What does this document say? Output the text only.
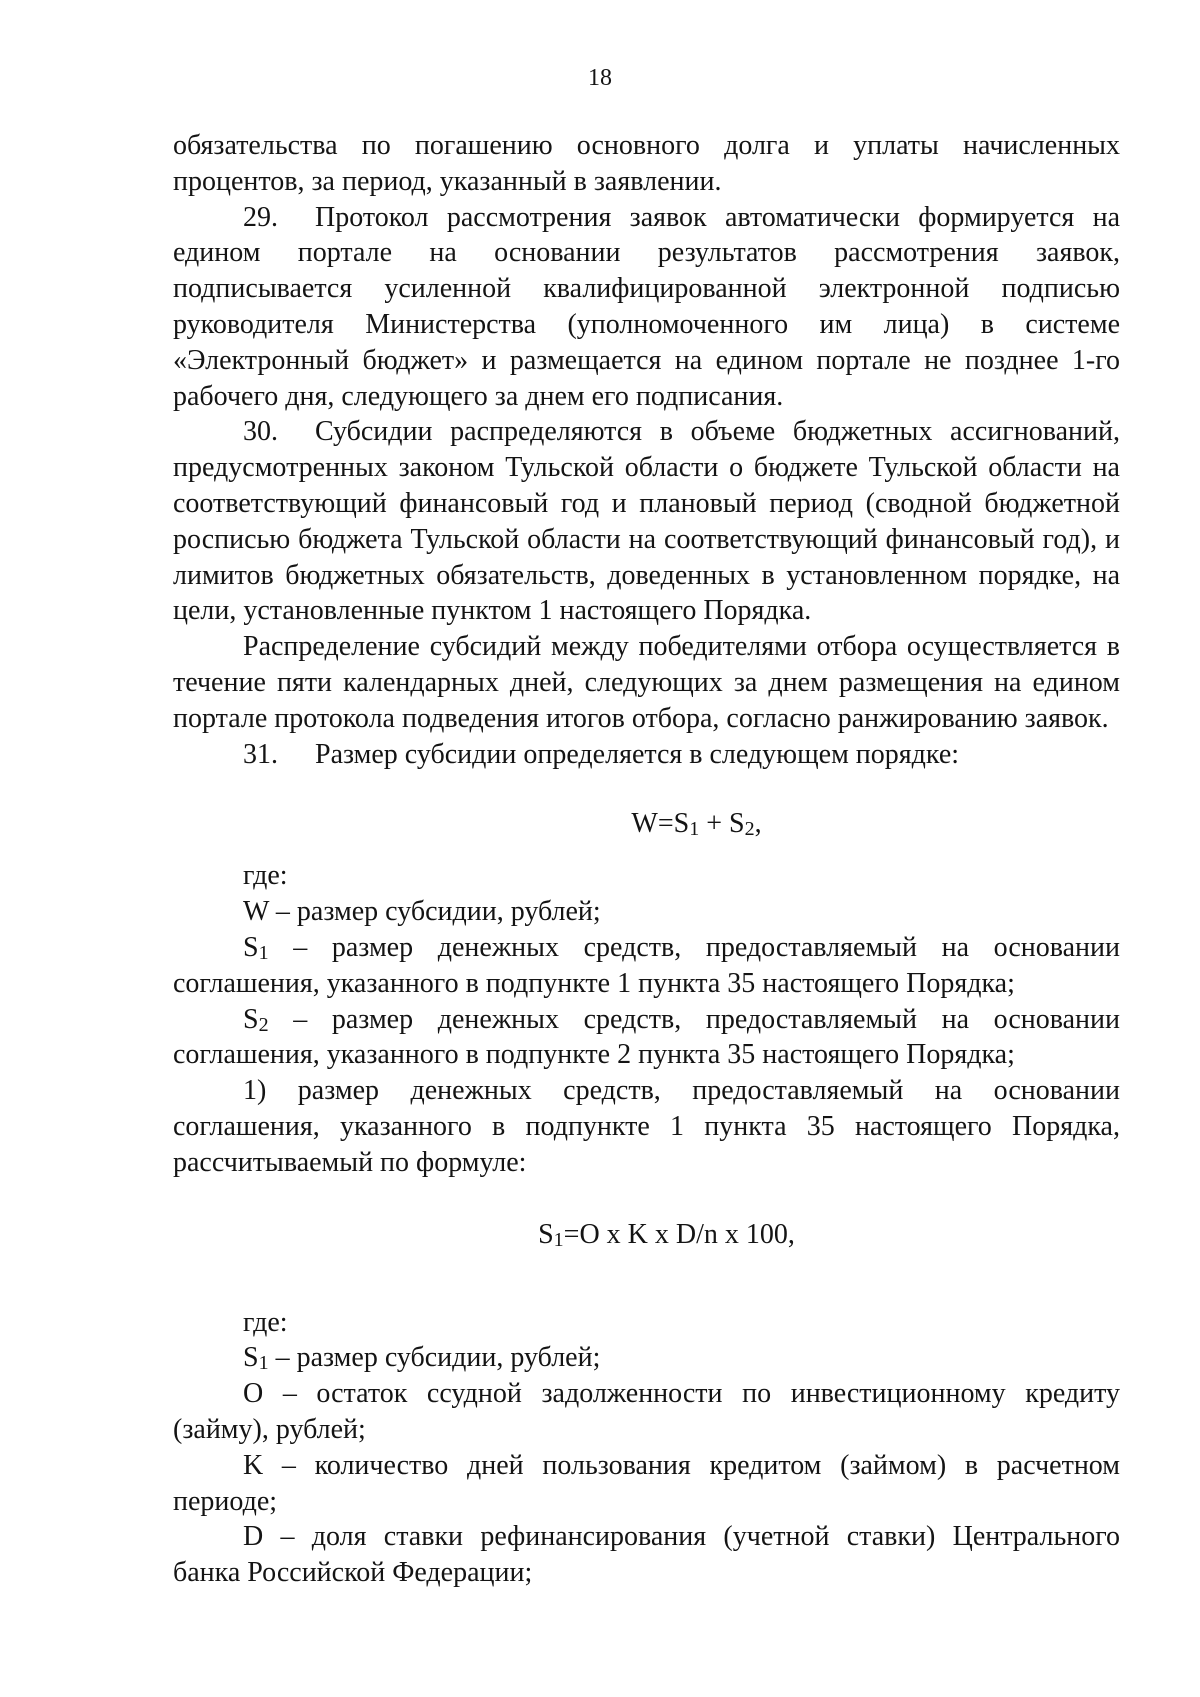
18

обязательства по погашению основного долга и уплаты начисленных

процентов, за период, указанный в заявлении.

29. Протокол рассмотрения заявок автоматически формируется на едином портале на основании результатов рассмотрения заявок, подписывается усиленной квалифицированной электронной подписью руководителя Министерства (уполномоченного им лица) в системе «Электронный бюджет» и размещается на едином портале не позднее 1-го рабочего дня, следующего за днем его подписания.

30. Субсидии распределяются в объеме бюджетных ассигнований, предусмотренных законом Тульской области о бюджете Тульской области на соответствующий финансовый год и плановый период (сводной бюджетной росписью бюджета Тульской области на соответствующий финансовый год), и лимитов бюджетных обязательств, доведенных в установленном порядке, на цели, установленные пунктом 1 настоящего Порядка.

Распределение субсидий между победителями отбора осуществляется в течение пяти календарных дней, следующих за днем размещения на едином портале протокола подведения итогов отбора, согласно ранжированию заявок.

31. Размер субсидии определяется в следующем порядке:

$W=S_1 + S_2$,

где:

W – размер субсидии, рублей;

$S_1$ – размер денежных средств, предоставляемый на основании соглашения, указанного в подпункте 1 пункта 35 настоящего Порядка;

$S_2$ – размер денежных средств, предоставляемый на основании соглашения, указанного в подпункте 2 пункта 35 настоящего Порядка;

1) размер денежных средств, предоставляемый на основании соглашения, указанного в подпункте 1 пункта 35 настоящего Порядка, рассчитываемый по формуле:

$S_1=O$ x K x D/n x 100,

где:

$S_1$ – размер субсидии, рублей;

O – остаток ссудной задолженности по инвестиционному кредиту (займу), рублей;

K – количество дней пользования кредитом (займом) в расчетном периоде;

D – доля ставки рефинансирования (учетной ставки) Центрального банка Российской Федерации;
